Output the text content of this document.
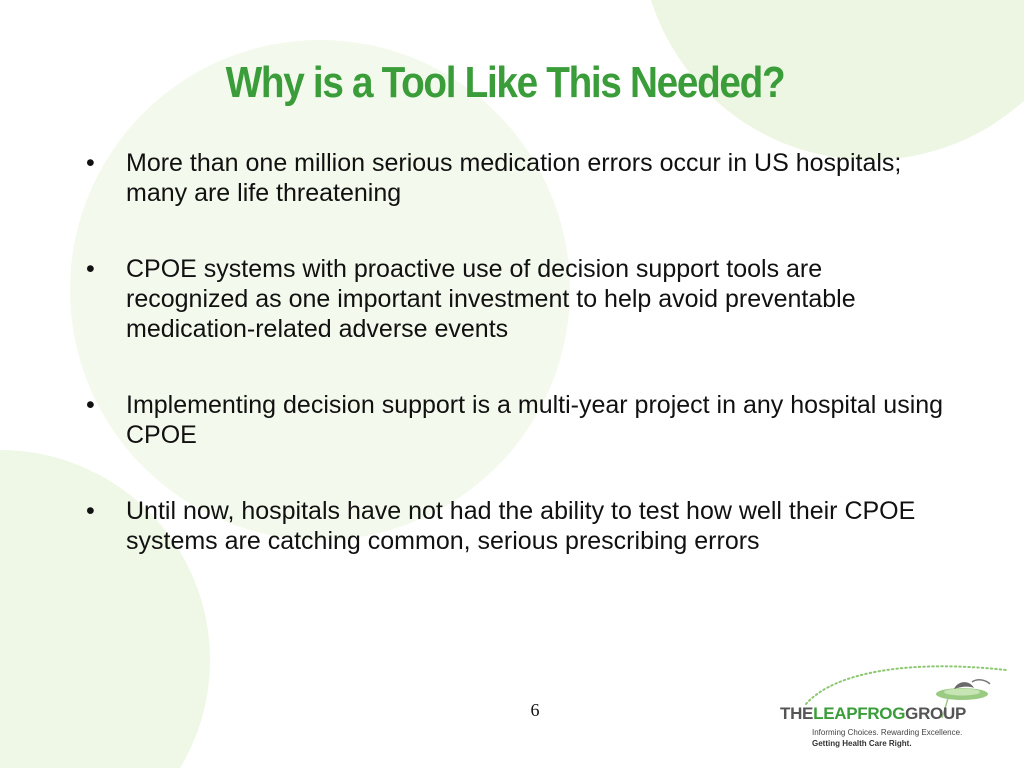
Why is a Tool Like This Needed?
• More than one million serious medication errors occur in US hospitals; many are life threatening
• CPOE systems with proactive use of decision support tools are recognized as one important investment to help avoid preventable medication-related adverse events
• Implementing decision support is a multi-year project in any hospital using CPOE
• Until now, hospitals have not had the ability to test how well their CPOE systems are catching common, serious prescribing errors
6	THELEAPFROGGROUP
Informing Choices. Rewarding Excellence.
Getting Health Care Right.
